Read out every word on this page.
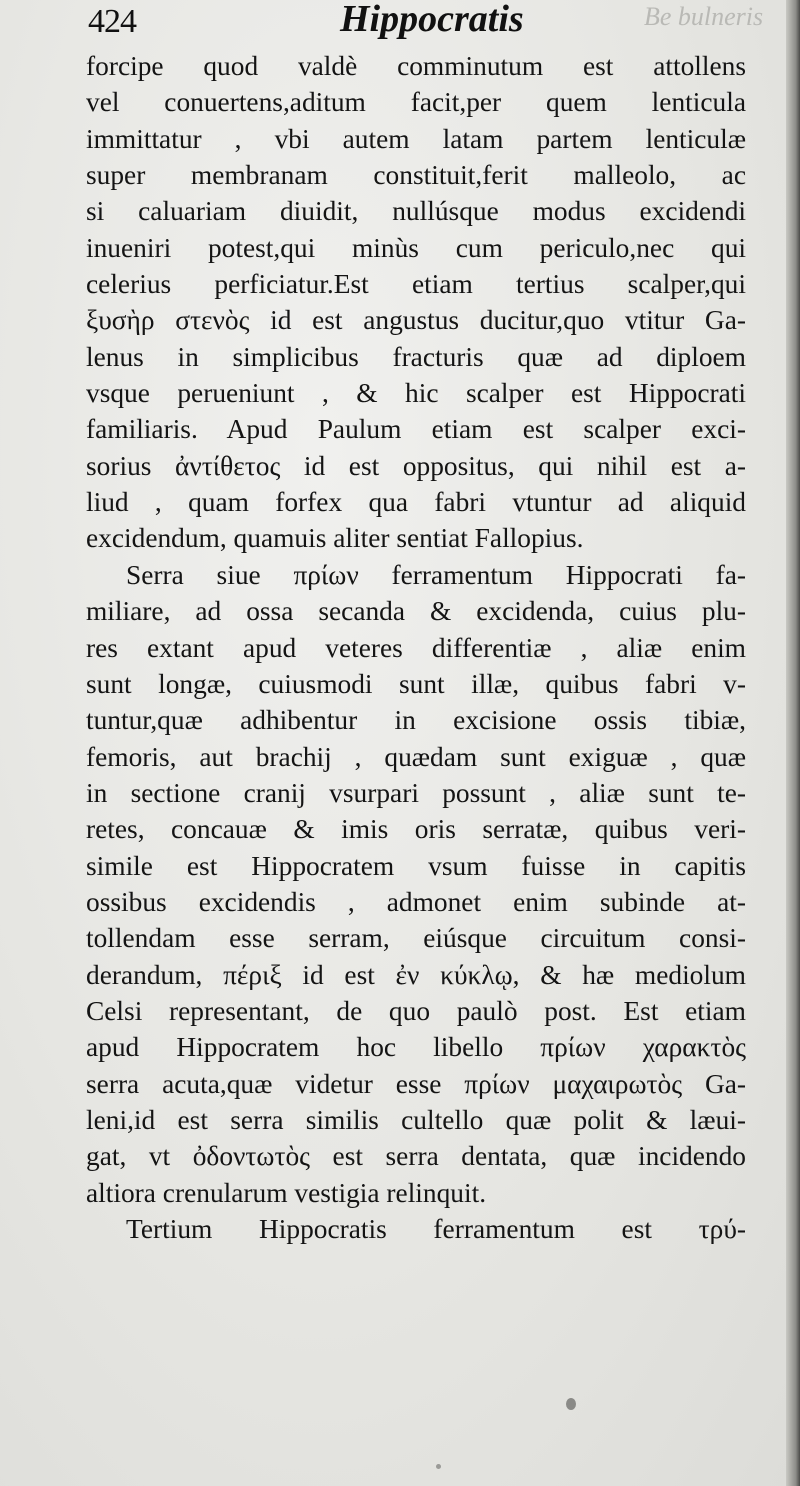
424	Hippocratis	Be bulneris
forcipe quod valdè comminutum est attollens
vel conuertens,aditum facit,per quem lenticula
immittatur , vbi autem latam partem lenticulæ
super membranam constituit,ferit malleolo, ac
si caluariam diuidit, nullúsque modus excidendi
inueniri potest,qui minùs cum periculo,nec qui
celerius perficiatur.Est etiam tertius scalper,qui
ξυσὴρ στενὸς id est angustus ducitur,quo vtitur Ga-
lenus in simplicibus fracturis quæ ad diploem
vsque perueniunt , & hic scalper est Hippocrati
familiaris. Apud Paulum etiam est scalper exci-
sorius ἀντίθετος id est oppositus, qui nihil est a-
liud , quam forfex qua fabri vtuntur ad aliquid
excidendum, quamuis aliter sentiat Fallopius.
Serra siue πρίων ferramentum Hippocrati fa-
miliare, ad ossa secanda & excidenda, cuius plu-
res extant apud veteres differentiæ , aliæ enim
sunt longæ, cuiusmodi sunt illæ, quibus fabri v-
tuntur,quæ adhibentur in excisione ossis tibiæ,
femoris, aut brachij , quædam sunt exiguæ , quæ
in sectione cranij vsurpari possunt , aliæ sunt te-
retes, concauæ & imis oris serratæ, quibus veri-
simile est Hippocratem vsum fuisse in capitis
ossibus excidendis , admonet enim subinde at-
tollendam esse serram, eiúsque circuitum consi-
derandum, πέριξ id est ἐν κύκλῳ, & hæ mediolum
Celsi representant, de quo paulò post. Est etiam
apud Hippocratem hoc libello πρίων χαρακτὸς
serra acuta,quæ videtur esse πρίων μαχαιρωτὸς Ga-
leni,id est serra similis cultello quæ polit & læui-
gat, vt ὀδοντωτὸς est serra dentata, quæ incidendo
altiora crenularum vestigia relinquit.
Tertium Hippocratis ferramentum est τρύ-
